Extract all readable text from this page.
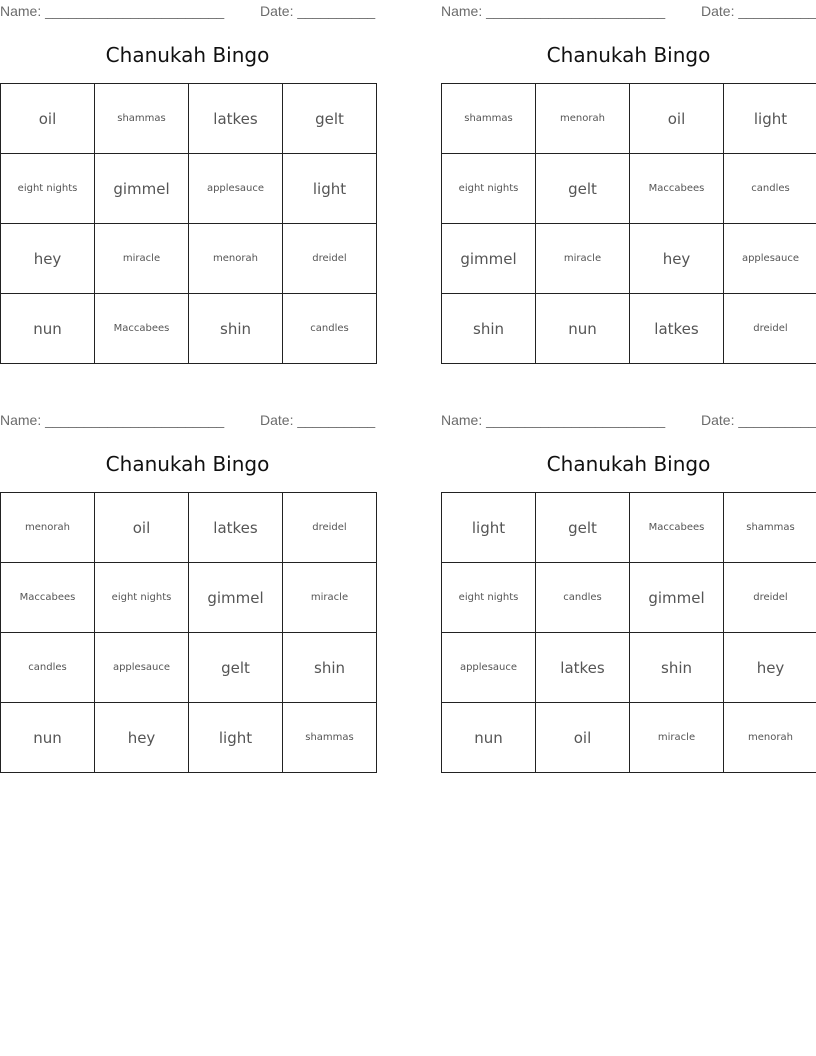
Name: _______________________	Date: __________
Chanukah Bingo
oil	shammas	latkes	gelt
eight nights	gimmel	applesauce	light
hey	miracle	menorah	dreidel
nun	Maccabees	shin	candles
Name: _______________________	Date: __________
Chanukah Bingo
shammas	menorah	oil	light
eight nights	gelt	Maccabees	candles
gimmel	miracle	hey	applesauce
shin	nun	latkes	dreidel
Name: _______________________	Date: __________
Chanukah Bingo
menorah	oil	latkes	dreidel
Maccabees	eight nights	gimmel	miracle
candles	applesauce	gelt	shin
nun	hey	light	shammas
Name: _______________________	Date: __________
Chanukah Bingo
light	gelt	Maccabees	shammas
eight nights	candles	gimmel	dreidel
applesauce	latkes	shin	hey
nun	oil	miracle	menorah
